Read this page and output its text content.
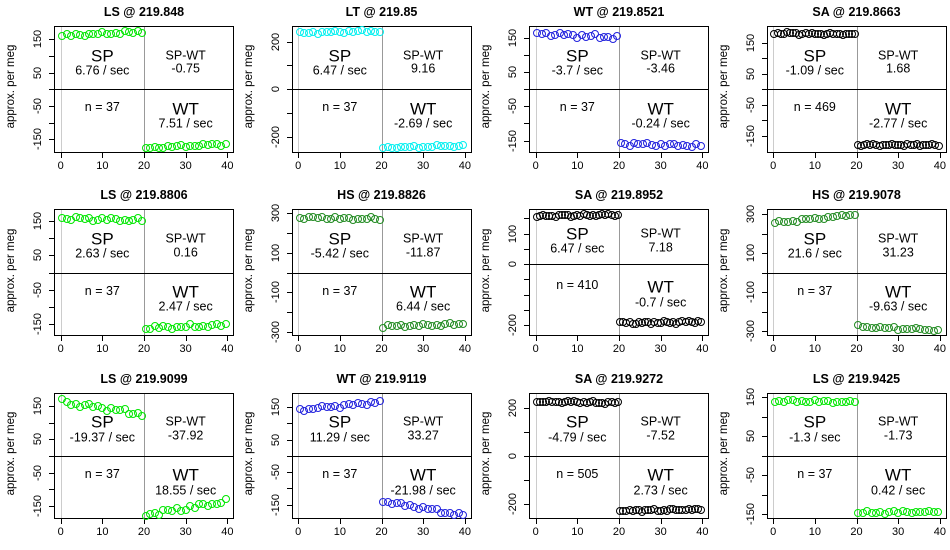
LS @ 219.848
approx. per meg	SP
6.76 / sec
SP-WT
-0.75
n = 37	WT
7.51 / sec
150
50
-50
-150
0	10	20	30	40
LT @ 219.85
approx. per meg	SP
6.47 / sec
SP-WT
9.16
n = 37	WT
-2.69 / sec
200
0
-200
0	10	20	30	40
WT @ 219.8521
approx. per meg	SP
-3.7 / sec
SP-WT
-3.46
n = 37	WT
-0.24 / sec
150
50
-50
-150
0	10	20	30	40
SA @ 219.8663
approx. per meg	SP
-1.09 / sec
SP-WT
1.68
n = 469	WT
-2.77 / sec
150
50
-50
-150
0	10	20	30	40
LS @ 219.8806
approx. per meg	SP
2.63 / sec
SP-WT
0.16
n = 37	WT
2.47 / sec
150
50
-50
-150
0	10	20	30	40
HS @ 219.8826
approx. per meg	SP
-5.42 / sec
SP-WT
-11.87
n = 37	WT
6.44 / sec
300
100
-100
-300
0	10	20	30	40
SA @ 219.8952
approx. per meg	SP
6.47 / sec
SP-WT
7.18
n = 410	WT
-0.7 / sec
100
0
-200
0	10	20	30	40
HS @ 219.9078
approx. per meg	SP
21.6 / sec
SP-WT
31.23
n = 37	WT
-9.63 / sec
300
100
-100
-300
0	10	20	30	40
LS @ 219.9099
approx. per meg	SP
-19.37 / sec
SP-WT
-37.92
n = 37	WT
18.55 / sec
150
50
-50
-150
0	10	20	30	40
WT @ 219.9119
approx. per meg	SP
11.29 / sec
SP-WT
33.27
n = 37	WT
-21.98 / sec
150
50
-50
-150
0	10	20	30	40
SA @ 219.9272
approx. per meg	SP
-4.79 / sec
SP-WT
-7.52
n = 505	WT
2.73 / sec
200
0
-200
0	10	20	30	40
LS @ 219.9425
approx. per meg	SP
-1.3 / sec
SP-WT
-1.73
n = 37	WT
0.42 / sec
150
50
-50
-150
0	10	20	30	40
